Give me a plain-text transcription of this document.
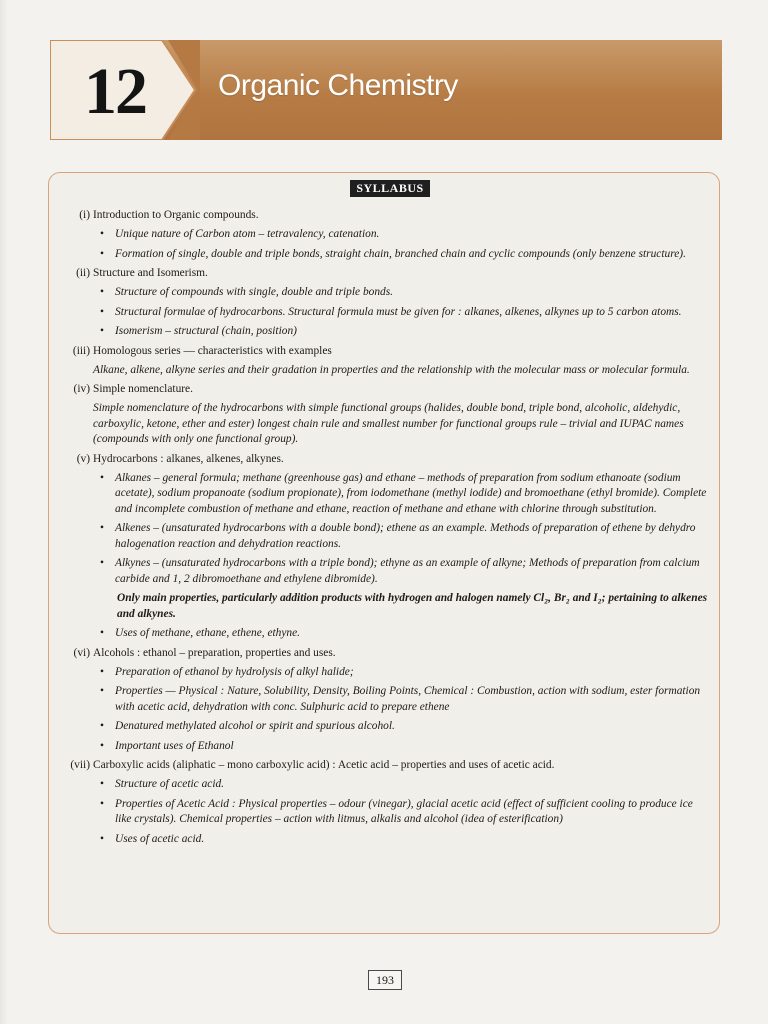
12	Organic Chemistry
SYLLABUS
(i) Introduction to Organic compounds.
• Unique nature of Carbon atom – tetravalency, catenation.
• Formation of single, double and triple bonds, straight chain, branched chain and cyclic compounds (only benzene structure).
(ii) Structure and Isomerism.
• Structure of compounds with single, double and triple bonds.
• Structural formulae of hydrocarbons. Structural formula must be given for : alkanes, alkenes, alkynes up to 5 carbon atoms.
• Isomerism – structural (chain, position)
(iii) Homologous series — characteristics with examples
Alkane, alkene, alkyne series and their gradation in properties and the relationship with the molecular mass or molecular formula.
(iv) Simple nomenclature.
Simple nomenclature of the hydrocarbons with simple functional groups (halides, double bond, triple bond, alcoholic, aldehydic, carboxylic, ketone, ether and ester) longest chain rule and smallest number for functional groups rule – trivial and IUPAC names (compounds with only one functional group).
(v) Hydrocarbons : alkanes, alkenes, alkynes.
• Alkanes – general formula; methane (greenhouse gas) and ethane – methods of preparation from sodium ethanoate (sodium acetate), sodium propanoate (sodium propionate), from iodomethane (methyl iodide) and bromoethane (ethyl bromide). Complete and incomplete combustion of methane and ethane, reaction of methane and ethane with chlorine through substitution.
• Alkenes – (unsaturated hydrocarbons with a double bond); ethene as an example. Methods of preparation of ethene by dehydro halogenation reaction and dehydration reactions.
• Alkynes – (unsaturated hydrocarbons with a triple bond); ethyne as an example of alkyne; Methods of preparation from calcium carbide and 1, 2 dibromoethane and ethylene dibromide).
Only main properties, particularly addition products with hydrogen and halogen namely Cl₂, Br₂ and I₂; pertaining to alkenes and alkynes.
• Uses of methane, ethane, ethene, ethyne.
(vi) Alcohols : ethanol – preparation, properties and uses.
• Preparation of ethanol by hydrolysis of alkyl halide;
• Properties — Physical : Nature, Solubility, Density, Boiling Points, Chemical : Combustion, action with sodium, ester formation with acetic acid, dehydration with conc. Sulphuric acid to prepare ethene
• Denatured methylated alcohol or spirit and spurious alcohol.
• Important uses of Ethanol
(vii) Carboxylic acids (aliphatic – mono carboxylic acid) : Acetic acid – properties and uses of acetic acid.
• Structure of acetic acid.
• Properties of Acetic Acid : Physical properties – odour (vinegar), glacial acetic acid (effect of sufficient cooling to produce ice like crystals). Chemical properties – action with litmus, alkalis and alcohol (idea of esterification)
• Uses of acetic acid.
193
